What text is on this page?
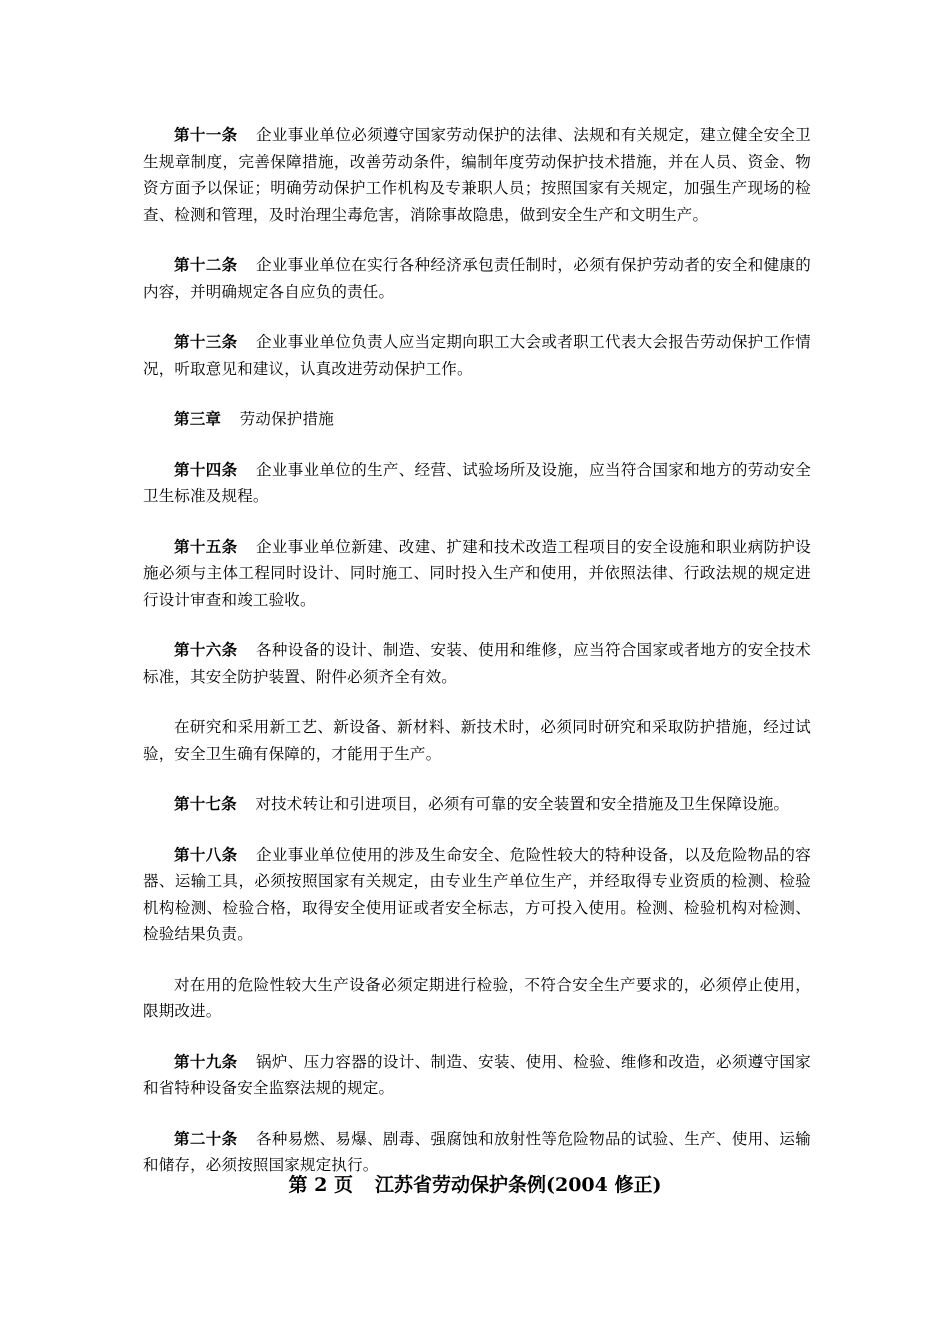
第十一条 企业事业单位必须遵守国家劳动保护的法律、法规和有关规定，建立健全安全卫生规章制度，完善保障措施，改善劳动条件，编制年度劳动保护技术措施，并在人员、资金、物资方面予以保证；明确劳动保护工作机构及专兼职人员；按照国家有关规定，加强生产现场的检查、检测和管理，及时治理尘毒危害，消除事故隐患，做到安全生产和文明生产。

第十二条 企业事业单位在实行各种经济承包责任制时，必须有保护劳动者的安全和健康的内容，并明确规定各自应负的责任。

第十三条 企业事业单位负责人应当定期向职工大会或者职工代表大会报告劳动保护工作情况，听取意见和建议，认真改进劳动保护工作。

第三章 劳动保护措施

第十四条 企业事业单位的生产、经营、试验场所及设施，应当符合国家和地方的劳动安全卫生标准及规程。

第十五条 企业事业单位新建、改建、扩建和技术改造工程项目的安全设施和职业病防护设施必须与主体工程同时设计、同时施工、同时投入生产和使用，并依照法律、行政法规的规定进行设计审查和竣工验收。

第十六条 各种设备的设计、制造、安装、使用和维修，应当符合国家或者地方的安全技术标准，其安全防护装置、附件必须齐全有效。

在研究和采用新工艺、新设备、新材料、新技术时，必须同时研究和采取防护措施，经过试验，安全卫生确有保障的，才能用于生产。

第十七条 对技术转让和引进项目，必须有可靠的安全装置和安全措施及卫生保障设施。

第十八条 企业事业单位使用的涉及生命安全、危险性较大的特种设备，以及危险物品的容器、运输工具，必须按照国家有关规定，由专业生产单位生产，并经取得专业资质的检测、检验机构检测、检验合格，取得安全使用证或者安全标志，方可投入使用。检测、检验机构对检测、检验结果负责。

对在用的危险性较大生产设备必须定期进行检验，不符合安全生产要求的，必须停止使用，限期改进。

第十九条 锅炉、压力容器的设计、制造、安装、使用、检验、维修和改造，必须遵守国家和省特种设备安全监察法规的规定。

第二十条 各种易燃、易爆、剧毒、强腐蚀和放射性等危险物品的试验、生产、使用、运输和储存，必须按照国家规定执行。

第 2 页 江苏省劳动保护条例(2004 修正)
